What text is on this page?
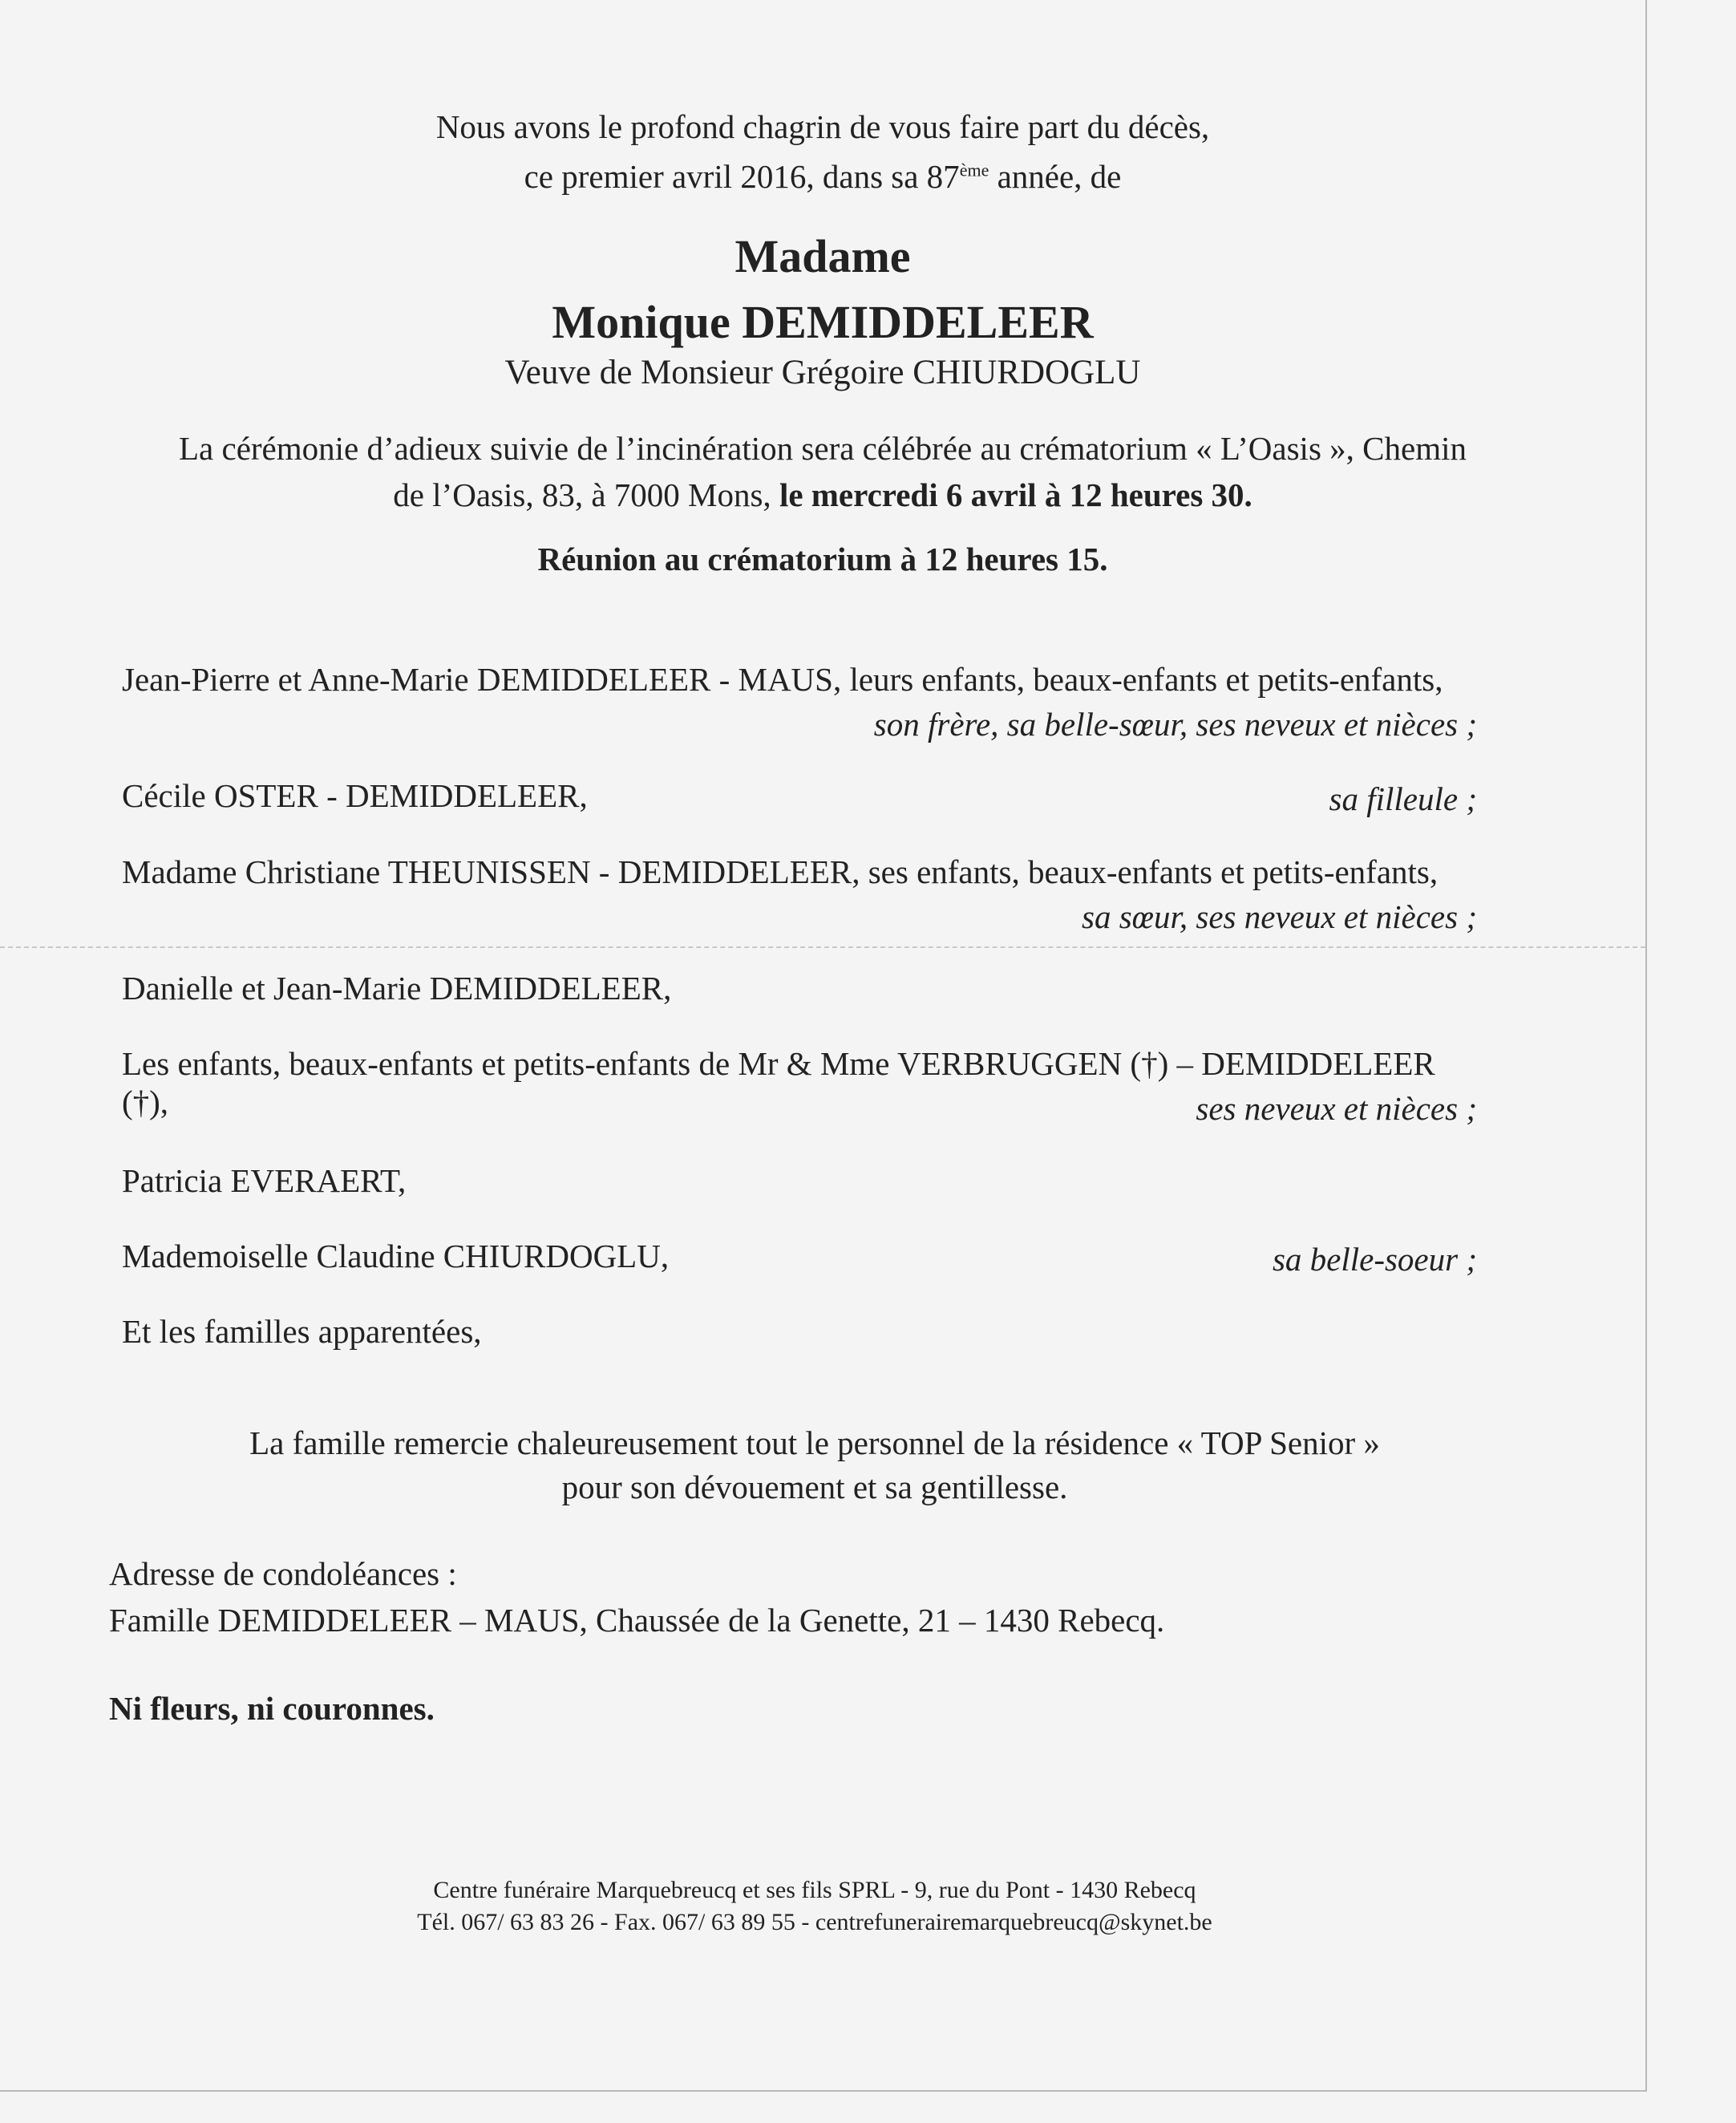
Nous avons le profond chagrin de vous faire part du décès,
ce premier avril 2016, dans sa 87ème année, de
Madame
Monique DEMIDDELEER
Veuve de Monsieur Grégoire CHIURDOGLU
La cérémonie d’adieux suivie de l’incinération sera célébrée au crématorium « L’Oasis », Chemin
de l’Oasis, 83, à 7000 Mons, le mercredi 6 avril à 12 heures 30.
Réunion au crématorium à 12 heures 15.
Jean-Pierre et Anne-Marie DEMIDDELEER - MAUS, leurs enfants, beaux-enfants et petits-enfants,
son frère, sa belle-sœur, ses neveux et nièces ;
Cécile OSTER - DEMIDDELEER,	sa filleule ;
Madame Christiane THEUNISSEN - DEMIDDELEER, ses enfants, beaux-enfants et petits-enfants,
sa sœur, ses neveux et nièces ;
Danielle et Jean-Marie DEMIDDELEER,
Les enfants, beaux-enfants et petits-enfants de Mr & Mme VERBRUGGEN (†) – DEMIDDELEER (†),	ses neveux et nièces ;
Patricia EVERAERT,
Mademoiselle Claudine CHIURDOGLU,	sa belle-soeur ;
Et les familles apparentées,
La famille remercie chaleureusement tout le personnel de la résidence « TOP Senior »
pour son dévouement et sa gentillesse.
Adresse de condoléances :
Famille DEMIDDELEER – MAUS, Chaussée de la Genette, 21 – 1430 Rebecq.
Ni fleurs, ni couronnes.
Centre funéraire Marquebreucq et ses fils SPRL - 9, rue du Pont - 1430 Rebecq
Tél. 067/ 63 83 26 - Fax. 067/ 63 89 55 - centrefunerairemarquebreucq@skynet.be
